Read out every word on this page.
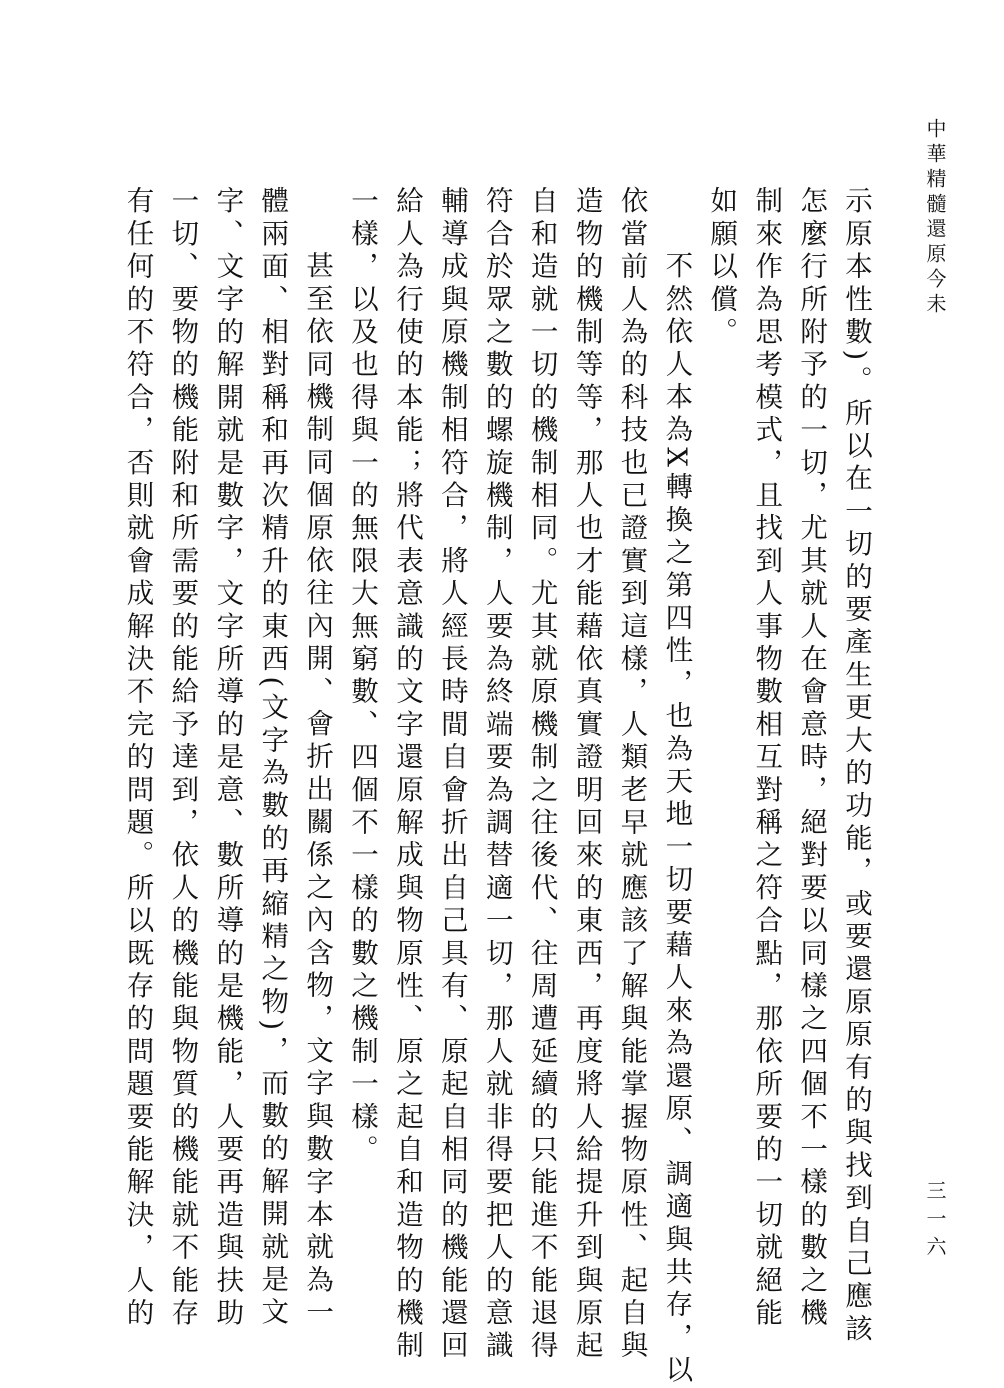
中華精髓還原今未
三一六

示原本性數)。所以在一切的要產生更大的功能，或要還原原有的與找到自己應該
怎麼行所附予的一切，尤其就人在會意時，絕對要以同樣之四個不一樣的數之機
制來作為思考模式，且找到人事物數相互對稱之符合點，那依所要的一切就絕能
如願以償。

不然依人本為X轉換之第四性，也為天地一切要藉人來為還原、調適與共存，以
依當前人為的科技也已證實到這樣，人類老早就應該了解與能掌握物原性、起自與
造物的機制等等，那人也才能藉依真實證明回來的東西，再度將人給提升到與原起
自和造就一切的機制相同。尤其就原機制之往後代、往周遭延續的只能進不能退得
符合於眾之數的螺旋機制，人要為終端要為調替適一切，那人就非得要把人的意識
輔導成與原機制相符合，將人經長時間自會折出自己具有、原起自相同的機能還回
給人為行使的本能；將代表意識的文字還原解成與物原性、原之起自和造物的機制
一樣，以及也得與一的無限大無窮數、四個不一樣的數之機制一樣。

甚至依同機制同個原依往內開、會折出關係之內含物，文字與數字本就為一
體兩面、相對稱和再次精升的東西(文字為數的再縮精之物)，而數的解開就是文
字、文字的解開就是數字，文字所導的是意、數所導的是機能，人要再造與扶助
一切、要物的機能附和所需要的能給予達到，依人的機能與物質的機能就不能存
有任何的不符合，否則就會成解決不完的問題。所以既存的問題要能解決，人的
